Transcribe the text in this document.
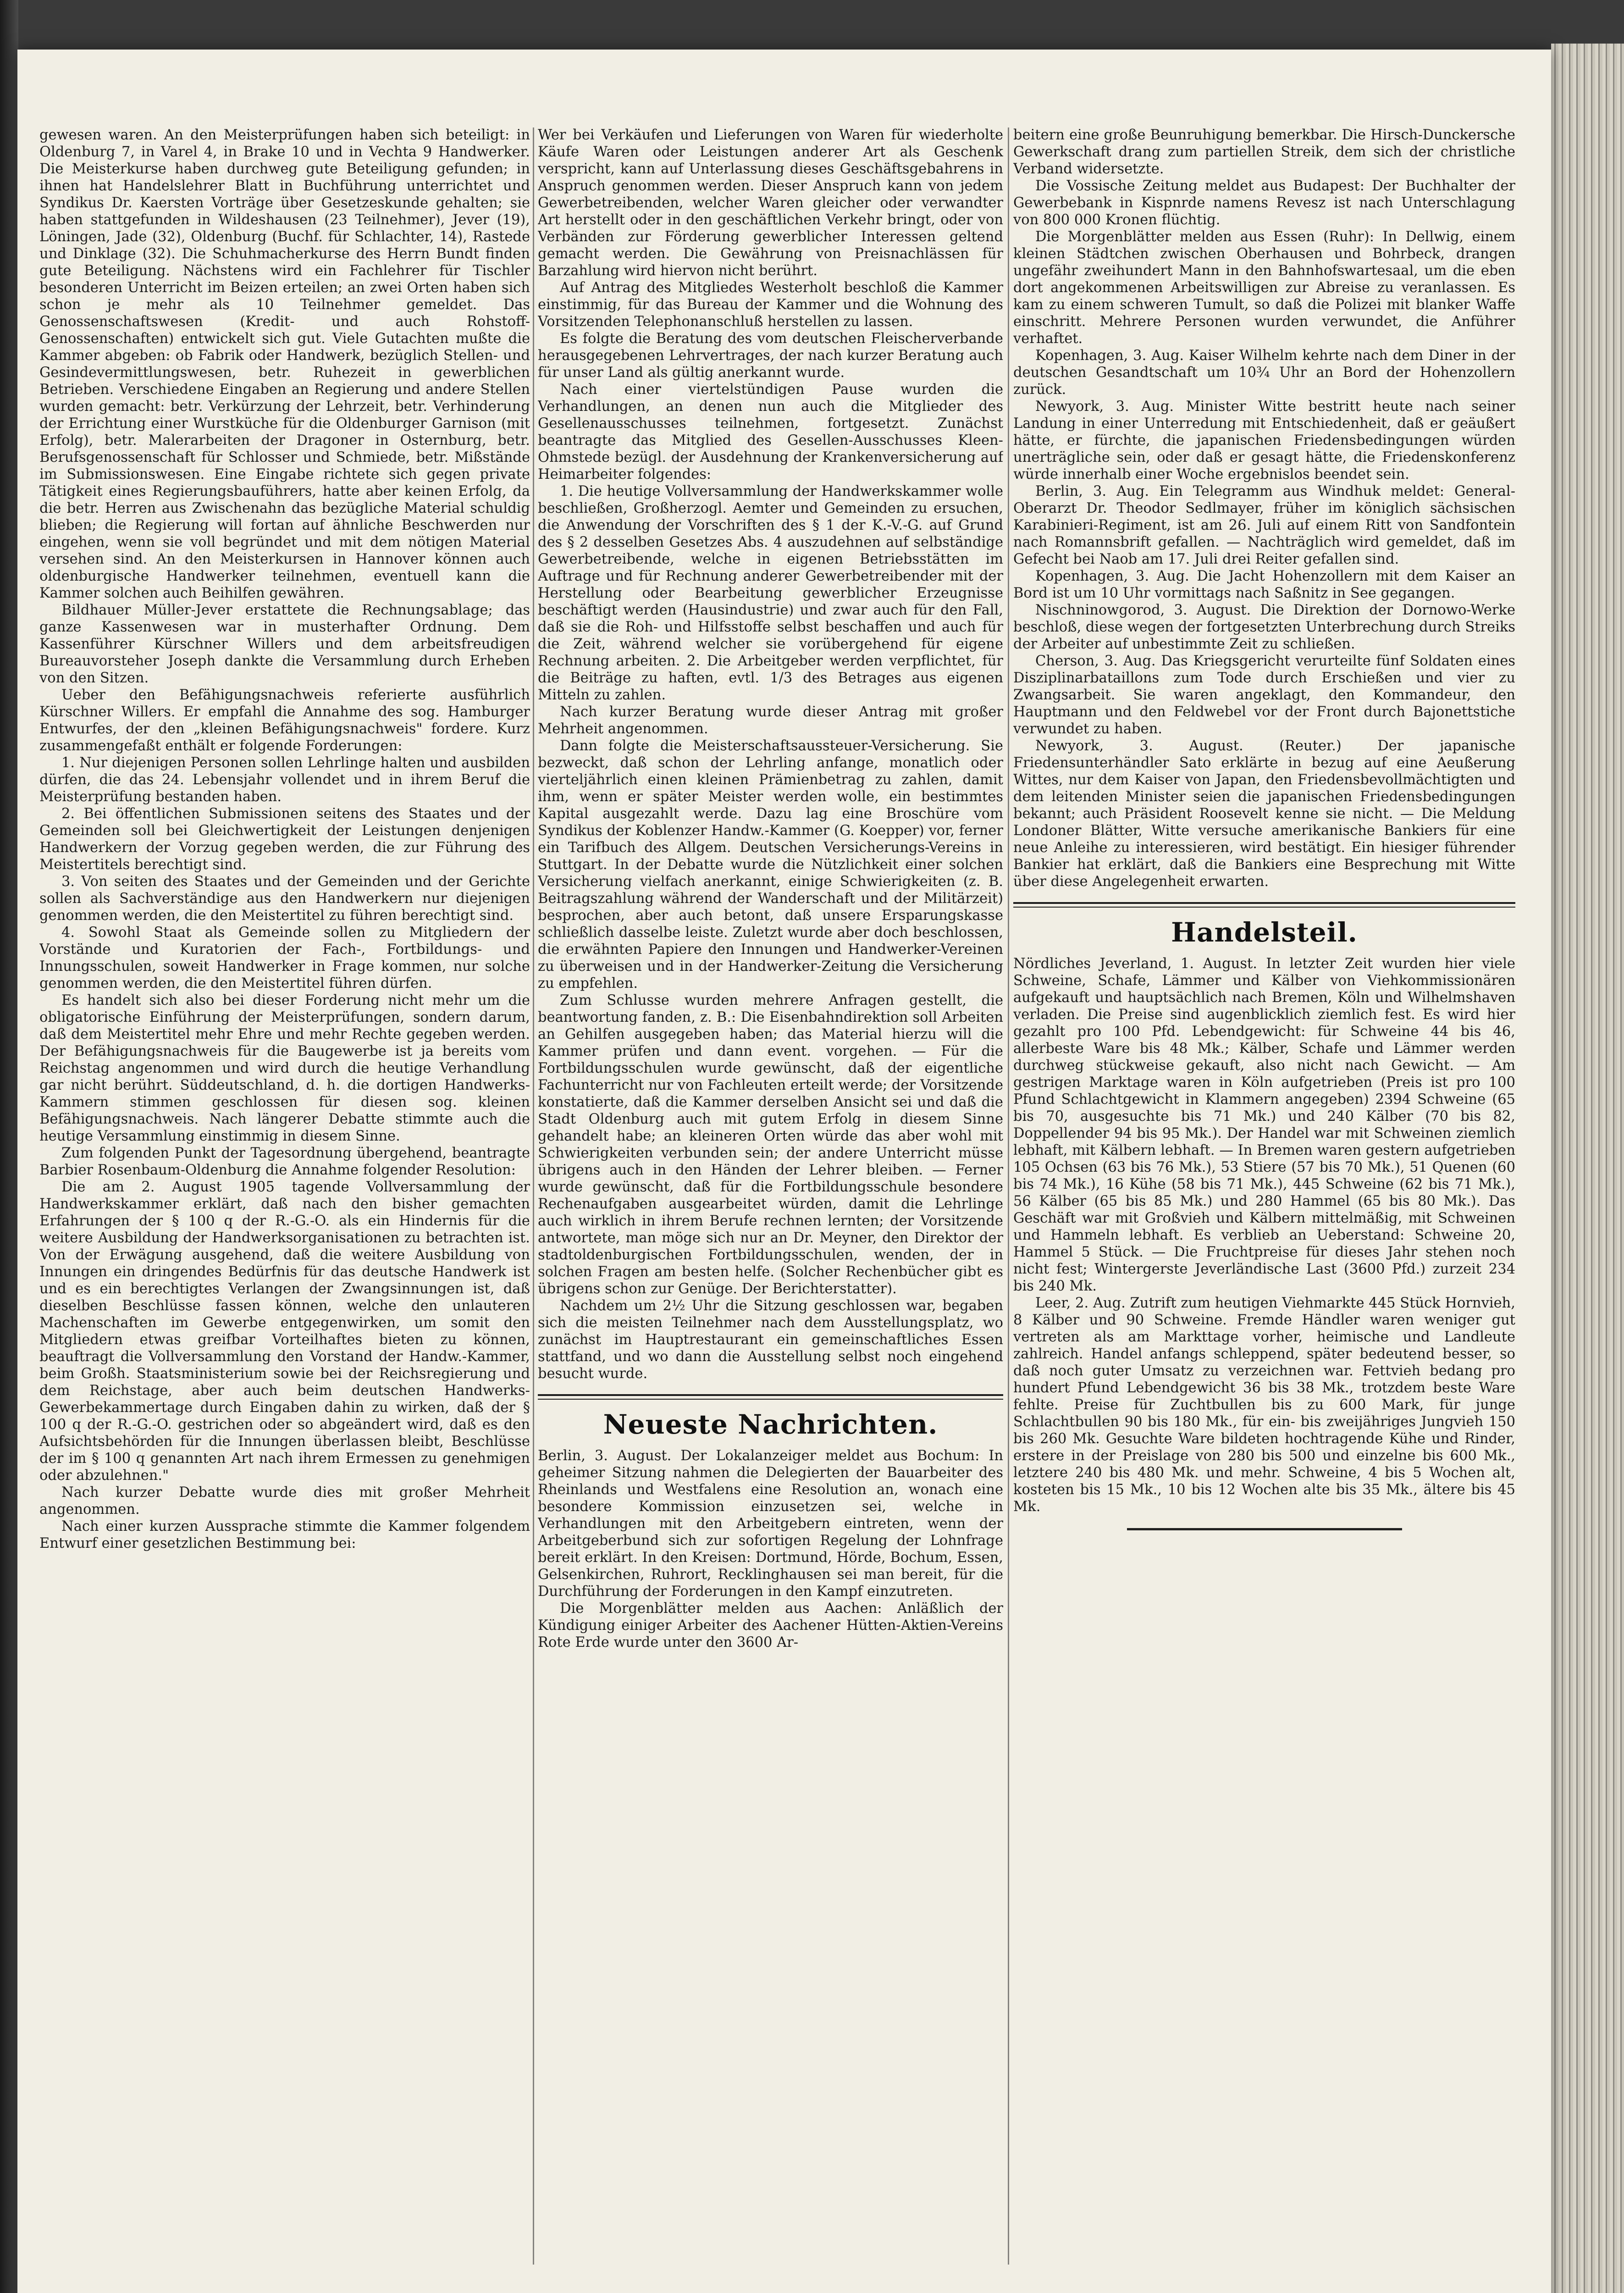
gewesen waren. An den Meisterprüfungen haben sich beteiligt: in Oldenburg 7, in Varel 4, in Brake 10 und in Vechta 9 Handwerker. Die Meisterkurse haben durchweg gute Beteiligung gefunden; in ihnen hat Handelslehrer Blatt in Buchführung unterrichtet und Syndikus Dr. Kaersten Vorträge über Gesetzeskunde gehalten; sie haben stattgefunden in Wildeshausen (23 Teilnehmer), Jever (19), Löningen, Jade (32), Oldenburg (Buchf. für Schlachter, 14), Rastede und Dinklage (32). Die Schuhmacherkurse des Herrn Bundt finden gute Beteiligung. Nächstens wird ein Fachlehrer für Tischler besonderen Unterricht im Beizen erteilen; an zwei Orten haben sich schon je mehr als 10 Teilnehmer gemeldet. Das Genossenschaftswesen (Kredit- und auch Rohstoff-Genossenschaften) entwickelt sich gut. Viele Gutachten mußte die Kammer abgeben: ob Fabrik oder Handwerk, bezüglich Stellen- und Gesindevermittlungswesen, betr. Ruhezeit in gewerblichen Betrieben. Verschiedene Eingaben an Regierung und andere Stellen wurden gemacht: betr. Verkürzung der Lehrzeit, betr. Verhinderung der Errichtung einer Wurstküche für die Oldenburger Garnison (mit Erfolg), betr. Malerarbeiten der Dragoner in Osternburg, betr. Berufsgenossenschaft für Schlosser und Schmiede, betr. Mißstände im Submissionswesen. Eine Eingabe richtete sich gegen private Tätigkeit eines Regierungsbauführers, hatte aber keinen Erfolg, da die betr. Herren aus Zwischenahn das bezügliche Material schuldig blieben; die Regierung will fortan auf ähnliche Beschwerden nur eingehen, wenn sie voll begründet und mit dem nötigen Material versehen sind. An den Meisterkursen in Hannover können auch oldenburgische Handwerker teilnehmen, eventuell kann die Kammer solchen auch Beihilfen gewähren.

Bildhauer Müller-Jever erstattete die Rechnungsablage; das ganze Kassenwesen war in musterhafter Ordnung. Dem Kassenführer Kürschner Willers und dem arbeitsfreudigen Bureauvorsteher Joseph dankte die Versammlung durch Erheben von den Sitzen.

Ueber den Befähigungsnachweis referierte ausführlich Kürschner Willers. Er empfahl die Annahme des sog. Hamburger Entwurfes, der den „kleinen Befähigungsnachweis" fordere. Kurz zusammengefaßt enthält er folgende Forderungen:

1. Nur diejenigen Personen sollen Lehrlinge halten und ausbilden dürfen, die das 24. Lebensjahr vollendet und in ihrem Beruf die Meisterprüfung bestanden haben.

2. Bei öffentlichen Submissionen seitens des Staates und der Gemeinden soll bei Gleichwertigkeit der Leistungen denjenigen Handwerkern der Vorzug gegeben werden, die zur Führung des Meistertitels berechtigt sind.

3. Von seiten des Staates und der Gemeinden und der Gerichte sollen als Sachverständige aus den Handwerkern nur diejenigen genommen werden, die den Meistertitel zu führen berechtigt sind.

4. Sowohl Staat als Gemeinde sollen zu Mitgliedern der Vorstände und Kuratorien der Fach-, Fortbildungs- und Innungsschulen, soweit Handwerker in Frage kommen, nur solche genommen werden, die den Meistertitel führen dürfen.

Es handelt sich also bei dieser Forderung nicht mehr um die obligatorische Einführung der Meisterprüfungen, sondern darum, daß dem Meistertitel mehr Ehre und mehr Rechte gegeben werden. Der Befähigungsnachweis für die Baugewerbe ist ja bereits vom Reichstag angenommen und wird durch die heutige Verhandlung gar nicht berührt. Süddeutschland, d. h. die dortigen Handwerks-Kammern stimmen geschlossen für diesen sog. kleinen Befähigungsnachweis. Nach längerer Debatte stimmte auch die heutige Versammlung einstimmig in diesem Sinne.

Zum folgenden Punkt der Tagesordnung übergehend, beantragte Barbier Rosenbaum-Oldenburg die Annahme folgender Resolution:

Die am 2. August 1905 tagende Vollversammlung der Handwerkskammer erklärt, daß nach den bisher gemachten Erfahrungen der § 100 q der R.-G.-O. als ein Hindernis für die weitere Ausbildung der Handwerksorganisationen zu betrachten ist. Von der Erwägung ausgehend, daß die weitere Ausbildung von Innungen ein dringendes Bedürfnis für das deutsche Handwerk ist und es ein berechtigtes Verlangen der Zwangsinnungen ist, daß dieselben Beschlüsse fassen können, welche den unlauteren Machenschaften im Gewerbe entgegenwirken, um somit den Mitgliedern etwas greifbar Vorteilhaftes bieten zu können, beauftragt die Vollversammlung den Vorstand der Handw.-Kammer, beim Großh. Staatsministerium sowie bei der Reichsregierung und dem Reichstage, aber auch beim deutschen Handwerks-Gewerbekammertage durch Eingaben dahin zu wirken, daß der § 100 q der R.-G.-O. gestrichen oder so abgeändert wird, daß es den Aufsichtsbehörden für die Innungen überlassen bleibt, Beschlüsse der im § 100 q genannten Art nach ihrem Ermessen zu genehmigen oder abzulehnen."

Nach kurzer Debatte wurde dies mit großer Mehrheit angenommen.

Nach einer kurzen Aussprache stimmte die Kammer folgendem Entwurf einer gesetzlichen Bestimmung bei:

Wer bei Verkäufen und Lieferungen von Waren für wiederholte Käufe Waren oder Leistungen anderer Art als Geschenk verspricht, kann auf Unterlassung dieses Geschäftsgebahrens in Anspruch genommen werden. Dieser Anspruch kann von jedem Gewerbetreibenden, welcher Waren gleicher oder verwandter Art herstellt oder in den geschäftlichen Verkehr bringt, oder von Verbänden zur Förderung gewerblicher Interessen geltend gemacht werden. Die Gewährung von Preisnachlässen für Barzahlung wird hiervon nicht berührt.

Auf Antrag des Mitgliedes Westerholt beschloß die Kammer einstimmig, für das Bureau der Kammer und die Wohnung des Vorsitzenden Telephonanschluß herstellen zu lassen.

Es folgte die Beratung des vom deutschen Fleischerverbande herausgegebenen Lehrvertrages, der nach kurzer Beratung auch für unser Land als gültig anerkannt wurde.

Nach einer viertelstündigen Pause wurden die Verhandlungen, an denen nun auch die Mitglieder des Gesellenausschusses teilnehmen, fortgesetzt. Zunächst beantragte das Mitglied des Gesellen-Ausschusses Kleen-Ohmstede bezügl. der Ausdehnung der Krankenversicherung auf Heimarbeiter folgendes:

1. Die heutige Vollversammlung der Handwerkskammer wolle beschließen, Großherzogl. Aemter und Gemeinden zu ersuchen, die Anwendung der Vorschriften des § 1 der K.-V.-G. auf Grund des § 2 desselben Gesetzes Abs. 4 auszudehnen auf selbständige Gewerbetreibende, welche in eigenen Betriebsstätten im Auftrage und für Rechnung anderer Gewerbetreibender mit der Herstellung oder Bearbeitung gewerblicher Erzeugnisse beschäftigt werden (Hausindustrie) und zwar auch für den Fall, daß sie die Roh- und Hilfsstoffe selbst beschaffen und auch für die Zeit, während welcher sie vorübergehend für eigene Rechnung arbeiten. 2. Die Arbeitgeber werden verpflichtet, für die Beiträge zu haften, evtl. 1/3 des Betrages aus eigenen Mitteln zu zahlen.

Nach kurzer Beratung wurde dieser Antrag mit großer Mehrheit angenommen.

Dann folgte die Meisterschaftsaussteuer-Versicherung. Sie bezweckt, daß schon der Lehrling anfange, monatlich oder vierteljährlich einen kleinen Prämienbetrag zu zahlen, damit ihm, wenn er später Meister werden wolle, ein bestimmtes Kapital ausgezahlt werde. Dazu lag eine Broschüre vom Syndikus der Koblenzer Handw.-Kammer (G. Koepper) vor, ferner ein Tarifbuch des Allgem. Deutschen Versicherungs-Vereins in Stuttgart. In der Debatte wurde die Nützlichkeit einer solchen Versicherung vielfach anerkannt, einige Schwierigkeiten (z. B. Beitragszahlung während der Wanderschaft und der Militärzeit) besprochen, aber auch betont, daß unsere Ersparungskasse schließlich dasselbe leiste. Zuletzt wurde aber doch beschlossen, die erwähnten Papiere den Innungen und Handwerker-Vereinen zu überweisen und in der Handwerker-Zeitung die Versicherung zu empfehlen.

Zum Schlusse wurden mehrere Anfragen gestellt, die beantwortung fanden, z. B.: Die Eisenbahndirektion soll Arbeiten an Gehilfen ausgegeben haben; das Material hierzu will die Kammer prüfen und dann event. vorgehen. — Für die Fortbildungsschulen wurde gewünscht, daß der eigentliche Fachunterricht nur von Fachleuten erteilt werde; der Vorsitzende konstatierte, daß die Kammer derselben Ansicht sei und daß die Stadt Oldenburg auch mit gutem Erfolg in diesem Sinne gehandelt habe; an kleineren Orten würde das aber wohl mit Schwierigkeiten verbunden sein; der andere Unterricht müsse übrigens auch in den Händen der Lehrer bleiben. — Ferner wurde gewünscht, daß für die Fortbildungsschule besondere Rechenaufgaben ausgearbeitet würden, damit die Lehrlinge auch wirklich in ihrem Berufe rechnen lernten; der Vorsitzende antwortete, man möge sich nur an Dr. Meyner, den Direktor der stadtoldenburgischen Fortbildungsschulen, wenden, der in solchen Fragen am besten helfe. (Solcher Rechenbücher gibt es übrigens schon zur Genüge. Der Berichterstatter).

Nachdem um 2½ Uhr die Sitzung geschlossen war, begaben sich die meisten Teilnehmer nach dem Ausstellungsplatz, wo zunächst im Hauptrestaurant ein gemeinschaftliches Essen stattfand, und wo dann die Ausstellung selbst noch eingehend besucht wurde.

Neueste Nachrichten.

Berlin, 3. August. Der Lokalanzeiger meldet aus Bochum: In geheimer Sitzung nahmen die Delegierten der Bauarbeiter des Rheinlands und Westfalens eine Resolution an, wonach eine besondere Kommission einzusetzen sei, welche in Verhandlungen mit den Arbeitgebern eintreten, wenn der Arbeitgeberbund sich zur sofortigen Regelung der Lohnfrage bereit erklärt. In den Kreisen: Dortmund, Hörde, Bochum, Essen, Gelsenkirchen, Ruhrort, Recklinghausen sei man bereit, für die Durchführung der Forderungen in den Kampf einzutreten.

Die Morgenblätter melden aus Aachen: Anläßlich der Kündigung einiger Arbeiter des Aachener Hütten-Aktien-Vereins Rote Erde wurde unter den 3600 Ar-

beitern eine große Beunruhigung bemerkbar. Die Hirsch-Dunckersche Gewerkschaft drang zum partiellen Streik, dem sich der christliche Verband widersetzte.

Die Vossische Zeitung meldet aus Budapest: Der Buchhalter der Gewerbebank in Kispnrde namens Revesz ist nach Unterschlagung von 800 000 Kronen flüchtig.

Die Morgenblätter melden aus Essen (Ruhr): In Dellwig, einem kleinen Städtchen zwischen Oberhausen und Bohrbeck, drangen ungefähr zweihundert Mann in den Bahnhofswartesaal, um die eben dort angekommenen Arbeitswilligen zur Abreise zu veranlassen. Es kam zu einem schweren Tumult, so daß die Polizei mit blanker Waffe einschritt. Mehrere Personen wurden verwundet, die Anführer verhaftet.

Kopenhagen, 3. Aug. Kaiser Wilhelm kehrte nach dem Diner in der deutschen Gesandtschaft um 10¾ Uhr an Bord der Hohenzollern zurück.

Newyork, 3. Aug. Minister Witte bestritt heute nach seiner Landung in einer Unterredung mit Entschiedenheit, daß er geäußert hätte, er fürchte, die japanischen Friedensbedingungen würden unerträgliche sein, oder daß er gesagt hätte, die Friedenskonferenz würde innerhalb einer Woche ergebnislos beendet sein.

Berlin, 3. Aug. Ein Telegramm aus Windhuk meldet: General-Oberarzt Dr. Theodor Sedlmayer, früher im königlich sächsischen Karabinieri-Regiment, ist am 26. Juli auf einem Ritt von Sandfontein nach Romannsbrift gefallen. — Nachträglich wird gemeldet, daß im Gefecht bei Naob am 17. Juli drei Reiter gefallen sind.

Kopenhagen, 3. Aug. Die Jacht Hohenzollern mit dem Kaiser an Bord ist um 10 Uhr vormittags nach Saßnitz in See gegangen.

Nischninowgorod, 3. August. Die Direktion der Dornowo-Werke beschloß, diese wegen der fortgesetzten Unterbrechung durch Streiks der Arbeiter auf unbestimmte Zeit zu schließen.

Cherson, 3. Aug. Das Kriegsgericht verurteilte fünf Soldaten eines Disziplinarbataillons zum Tode durch Erschießen und vier zu Zwangsarbeit. Sie waren angeklagt, den Kommandeur, den Hauptmann und den Feldwebel vor der Front durch Bajonettstiche verwundet zu haben.

Newyork, 3. August. (Reuter.) Der japanische Friedensunterhändler Sato erklärte in bezug auf eine Aeußerung Wittes, nur dem Kaiser von Japan, den Friedensbevollmächtigten und dem leitenden Minister seien die japanischen Friedensbedingungen bekannt; auch Präsident Roosevelt kenne sie nicht. — Die Meldung Londoner Blätter, Witte versuche amerikanische Bankiers für eine neue Anleihe zu interessieren, wird bestätigt. Ein hiesiger führender Bankier hat erklärt, daß die Bankiers eine Besprechung mit Witte über diese Angelegenheit erwarten.

Handelsteil.

Nördliches Jeverland, 1. August. In letzter Zeit wurden hier viele Schweine, Schafe, Lämmer und Kälber von Viehkommissionären aufgekauft und hauptsächlich nach Bremen, Köln und Wilhelmshaven verladen. Die Preise sind augenblicklich ziemlich fest. Es wird hier gezahlt pro 100 Pfd. Lebendgewicht: für Schweine 44 bis 46, allerbeste Ware bis 48 Mk.; Kälber, Schafe und Lämmer werden durchweg stückweise gekauft, also nicht nach Gewicht. — Am gestrigen Marktage waren in Köln aufgetrieben (Preis ist pro 100 Pfund Schlachtgewicht in Klammern angegeben) 2394 Schweine (65 bis 70, ausgesuchte bis 71 Mk.) und 240 Kälber (70 bis 82, Doppellender 94 bis 95 Mk.). Der Handel war mit Schweinen ziemlich lebhaft, mit Kälbern lebhaft. — In Bremen waren gestern aufgetrieben 105 Ochsen (63 bis 76 Mk.), 53 Stiere (57 bis 70 Mk.), 51 Quenen (60 bis 74 Mk.), 16 Kühe (58 bis 71 Mk.), 445 Schweine (62 bis 71 Mk.), 56 Kälber (65 bis 85 Mk.) und 280 Hammel (65 bis 80 Mk.). Das Geschäft war mit Großvieh und Kälbern mittelmäßig, mit Schweinen und Hammeln lebhaft. Es verblieb an Ueberstand: Schweine 20, Hammel 5 Stück. — Die Fruchtpreise für dieses Jahr stehen noch nicht fest; Wintergerste Jeverländische Last (3600 Pfd.) zurzeit 234 bis 240 Mk.

Leer, 2. Aug. Zutrift zum heutigen Viehmarkte 445 Stück Hornvieh, 8 Kälber und 90 Schweine. Fremde Händler waren weniger gut vertreten als am Markttage vorher, heimische und Landleute zahlreich. Handel anfangs schleppend, später bedeutend besser, so daß noch guter Umsatz zu verzeichnen war. Fettvieh bedang pro hundert Pfund Lebendgewicht 36 bis 38 Mk., trotzdem beste Ware fehlte. Preise für Zuchtbullen bis zu 600 Mark, für junge Schlachtbullen 90 bis 180 Mk., für ein- bis zweijähriges Jungvieh 150 bis 260 Mk. Gesuchte Ware bildeten hochtragende Kühe und Rinder, erstere in der Preislage von 280 bis 500 und einzelne bis 600 Mk., letztere 240 bis 480 Mk. und mehr. Schweine, 4 bis 5 Wochen alt, kosteten bis 15 Mk., 10 bis 12 Wochen alte bis 35 Mk., ältere bis 45 Mk.
